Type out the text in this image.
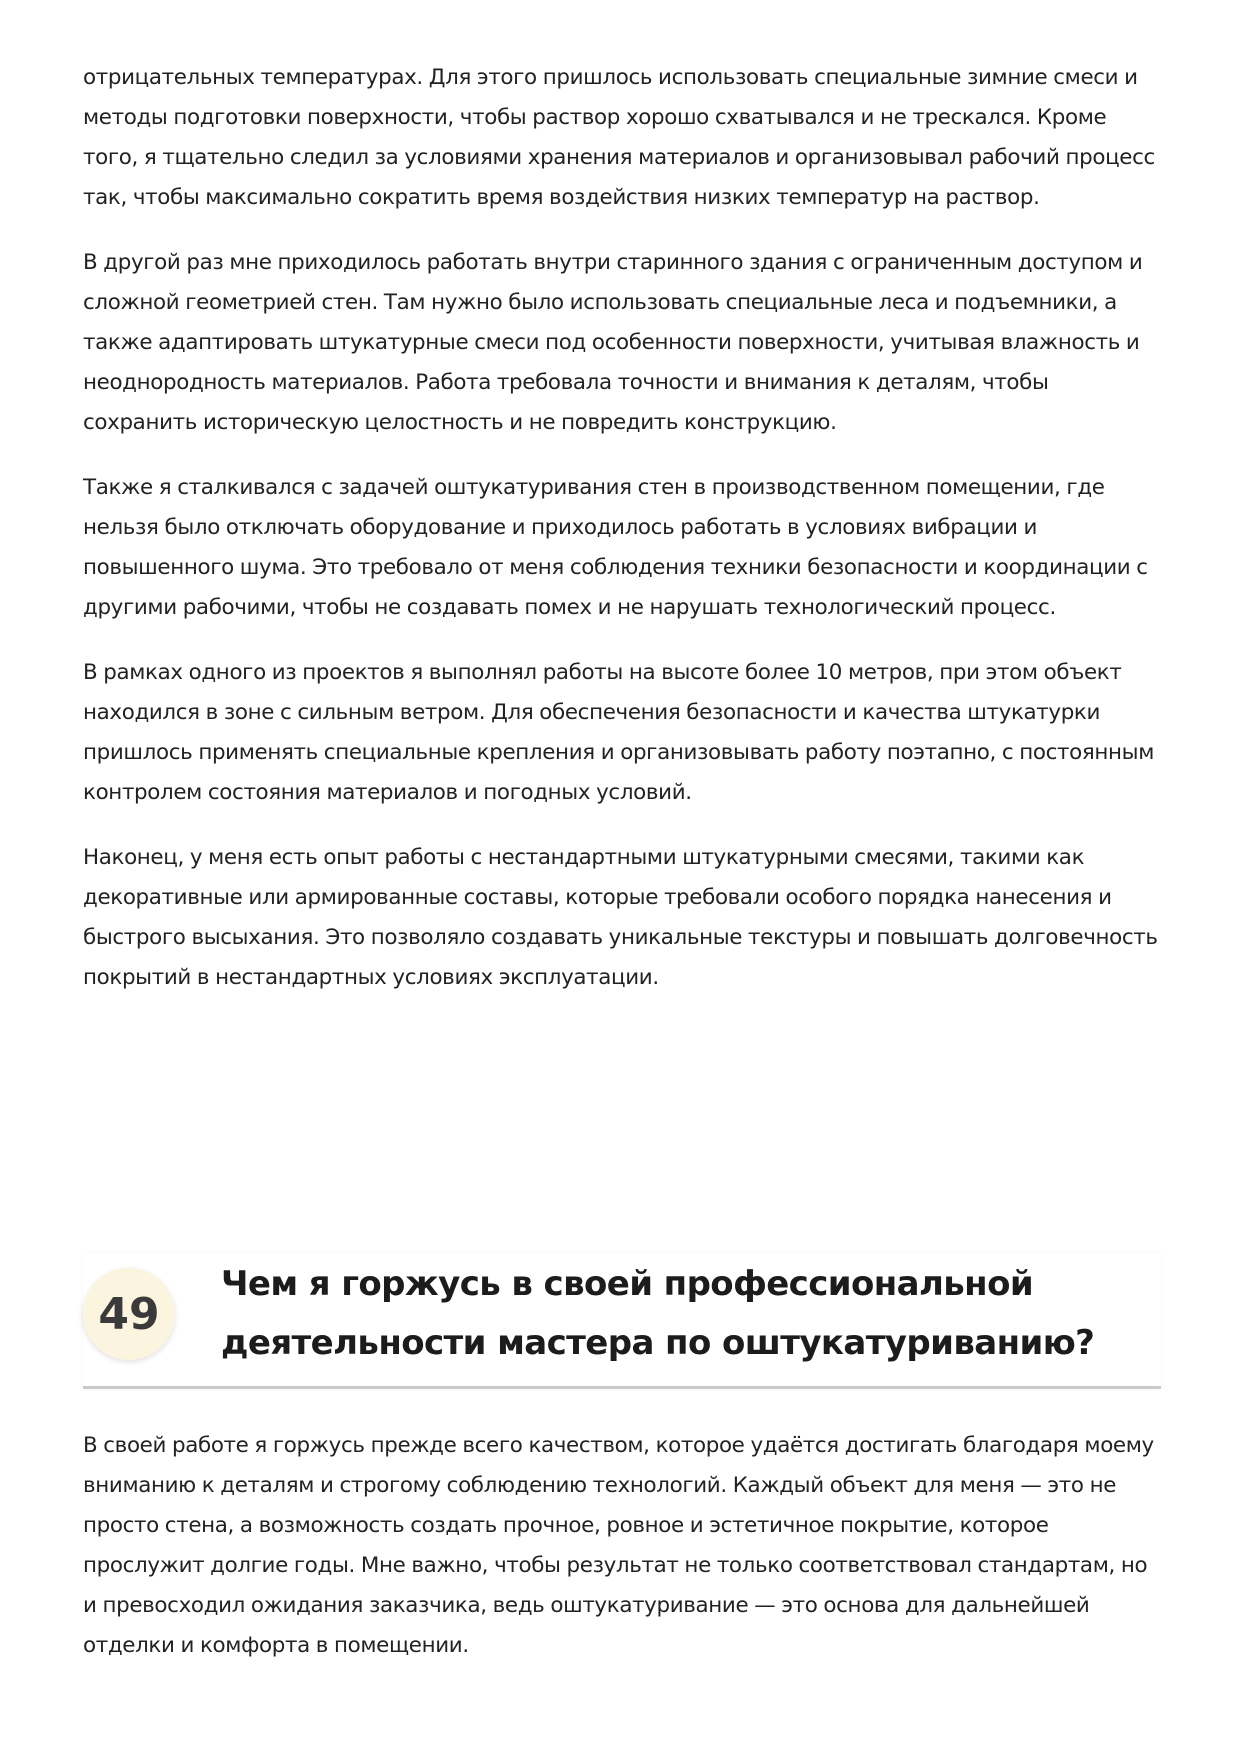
отрицательных температурах. Для этого пришлось использовать специальные зимние смеси и методы подготовки поверхности, чтобы раствор хорошо схватывался и не трескался. Кроме того, я тщательно следил за условиями хранения материалов и организовывал рабочий процесс так, чтобы максимально сократить время воздействия низких температур на раствор.

В другой раз мне приходилось работать внутри старинного здания с ограниченным доступом и сложной геометрией стен. Там нужно было использовать специальные леса и подъемники, а также адаптировать штукатурные смеси под особенности поверхности, учитывая влажность и неоднородность материалов. Работа требовала точности и внимания к деталям, чтобы сохранить историческую целостность и не повредить конструкцию.

Также я сталкивался с задачей оштукатуривания стен в производственном помещении, где нельзя было отключать оборудование и приходилось работать в условиях вибрации и повышенного шума. Это требовало от меня соблюдения техники безопасности и координации с другими рабочими, чтобы не создавать помех и не нарушать технологический процесс.

В рамках одного из проектов я выполнял работы на высоте более 10 метров, при этом объект находился в зоне с сильным ветром. Для обеспечения безопасности и качества штукатурки пришлось применять специальные крепления и организовывать работу поэтапно, с постоянным контролем состояния материалов и погодных условий.

Наконец, у меня есть опыт работы с нестандартными штукатурными смесями, такими как декоративные или армированные составы, которые требовали особого порядка нанесения и быстрого высыхания. Это позволяло создавать уникальные текстуры и повышать долговечность покрытий в нестандартных условиях эксплуатации.

49
Чем я горжусь в своей профессиональной деятельности мастера по оштукатуриванию?

В своей работе я горжусь прежде всего качеством, которое удаётся достигать благодаря моему вниманию к деталям и строгому соблюдению технологий. Каждый объект для меня — это не просто стена, а возможность создать прочное, ровное и эстетичное покрытие, которое прослужит долгие годы. Мне важно, чтобы результат не только соответствовал стандартам, но и превосходил ожидания заказчика, ведь оштукатуривание — это основа для дальнейшей отделки и комфорта в помещении.
